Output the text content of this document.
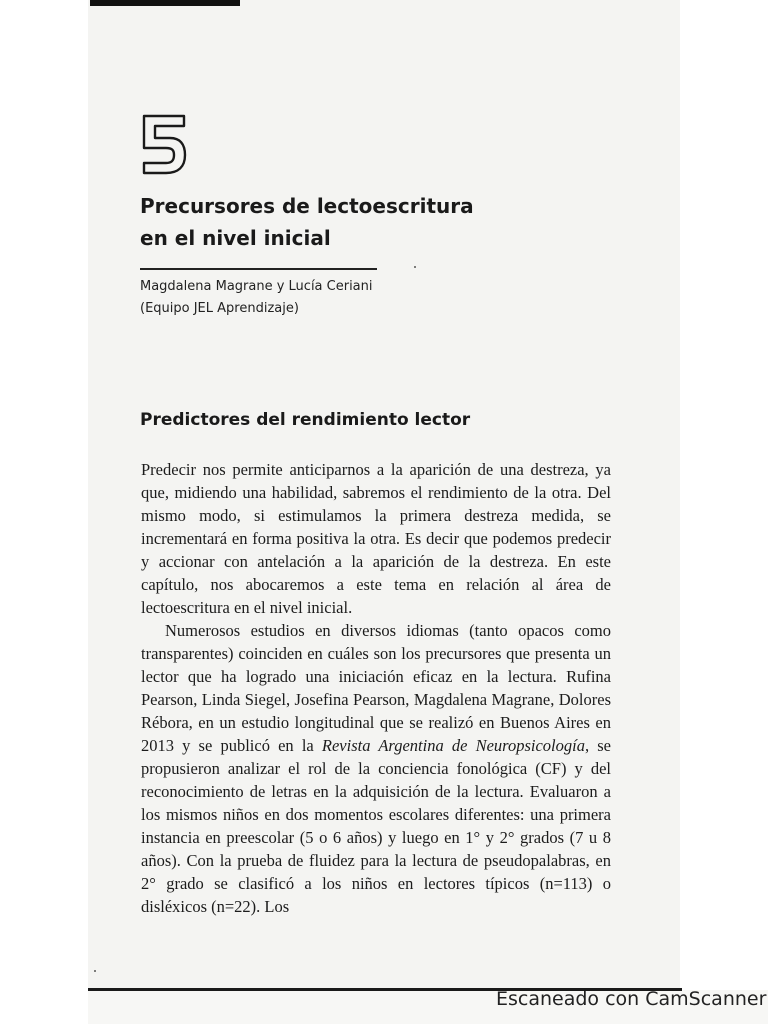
Precursores de lectoescritura
en el nivel inicial
Magdalena Magrane y Lucía Ceriani
(Equipo JEL Aprendizaje)
Predictores del rendimiento lector

Predecir nos permite anticiparnos a la aparición de una destreza, ya que, midiendo una habilidad, sabremos el rendimiento de la otra. Del mismo modo, si estimulamos la primera destreza medida, se incrementará en forma positiva la otra. Es decir que podemos predecir y accionar con antelación a la aparición de la destreza. En este capítulo, nos abocaremos a este tema en relación al área de lectoescritura en el nivel inicial.

Numerosos estudios en diversos idiomas (tanto opacos como transparentes) coinciden en cuáles son los precursores que presenta un lector que ha logrado una iniciación eficaz en la lectura. Rufina Pearson, Linda Siegel, Josefina Pearson, Magdalena Magrane, Dolores Rébora, en un estudio longitudinal que se realizó en Buenos Aires en 2013 y se publicó en la Revista Argentina de Neuropsicología, se propusieron analizar el rol de la conciencia fonológica (CF) y del reconocimiento de letras en la adquisición de la lectura. Evaluaron a los mismos niños en dos momentos escolares diferentes: una primera instancia en preescolar (5 o 6 años) y luego en 1° y 2° grados (7 u 8 años). Con la prueba de fluidez para la lectura de pseudopalabras, en 2° grado se clasificó a los niños en lectores típicos (n=113) o disléxicos (n=22). Los

Escaneado con CamScanner
